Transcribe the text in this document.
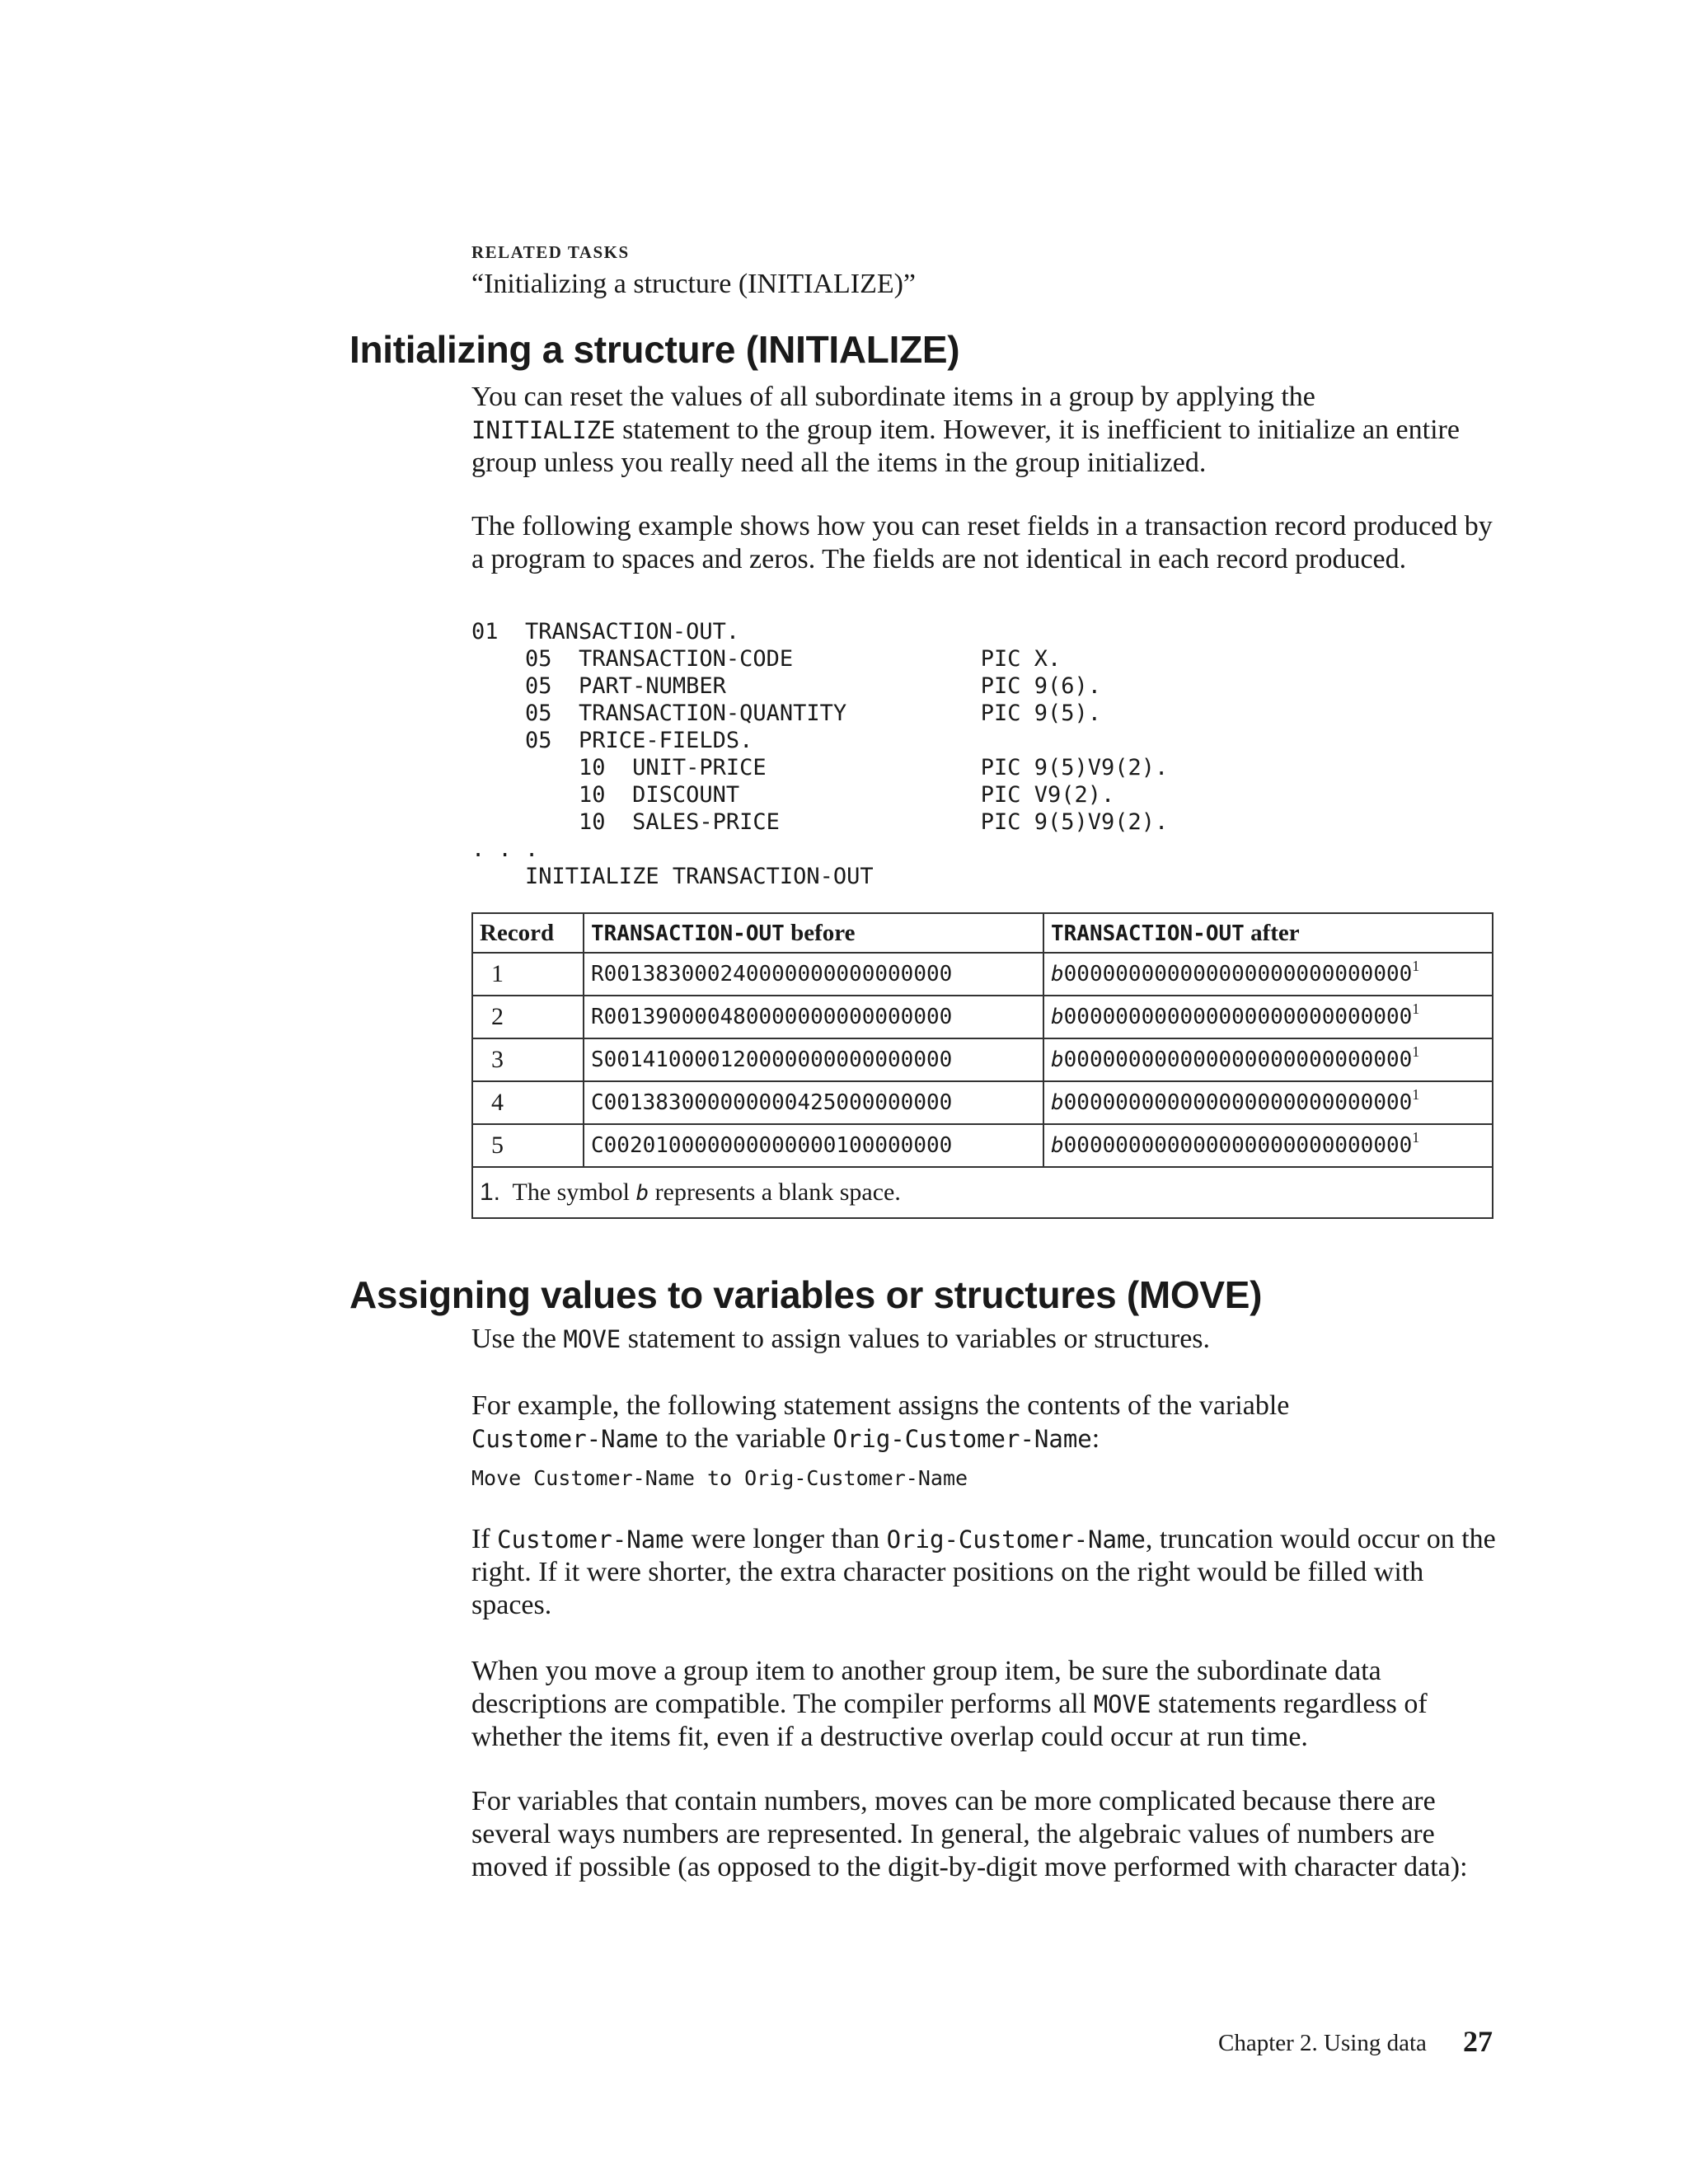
RELATED TASKS
“Initializing a structure (INITIALIZE)”
Initializing a structure (INITIALIZE)

You can reset the values of all subordinate items in a group by applying the
INITIALIZE statement to the group item. However, it is inefficient to initialize an entire group unless you really need all the items in the group initialized.

The following example shows how you can reset fields in a transaction record produced by a program to spaces and zeros. The fields are not identical in each record produced.

01  TRANSACTION-OUT.
05  TRANSACTION-CODE              PIC X.
05  PART-NUMBER                   PIC 9(6).
05  TRANSACTION-QUANTITY          PIC 9(5).
05  PRICE-FIELDS.
10  UNIT-PRICE                PIC 9(5)V9(2).
10  DISCOUNT                  PIC V9(2).
10  SALES-PRICE               PIC 9(5)V9(2).
. . .
INITIALIZE TRANSACTION-OUT
Record	TRANSACTION-OUT before	TRANSACTION-OUT after
1	R001383000240000000000000000	b000000000000000000000000000$^1$
2	R001390000480000000000000000	b000000000000000000000000000$^1$
3	S001410000120000000000000000	b000000000000000000000000000$^1$
4	C001383000000000425000000000	b000000000000000000000000000$^1$
5	C002010000000000000100000000	b000000000000000000000000000$^1$
1.  The symbol b represents a blank space.		
Assigning values to variables or structures (MOVE)

Use the MOVE statement to assign values to variables or structures.

For example, the following statement assigns the contents of the variable
Customer-Name to the variable Orig-Customer-Name:

Move Customer-Name to Orig-Customer-Name

If Customer-Name were longer than Orig-Customer-Name, truncation would occur on the right. If it were shorter, the extra character positions on the right would be filled with spaces.

When you move a group item to another group item, be sure the subordinate data descriptions are compatible. The compiler performs all MOVE statements regardless of whether the items fit, even if a destructive overlap could occur at run time.

For variables that contain numbers, moves can be more complicated because there are several ways numbers are represented. In general, the algebraic values of numbers are moved if possible (as opposed to the digit-by-digit move performed with character data):

Chapter 2. Using data 27
